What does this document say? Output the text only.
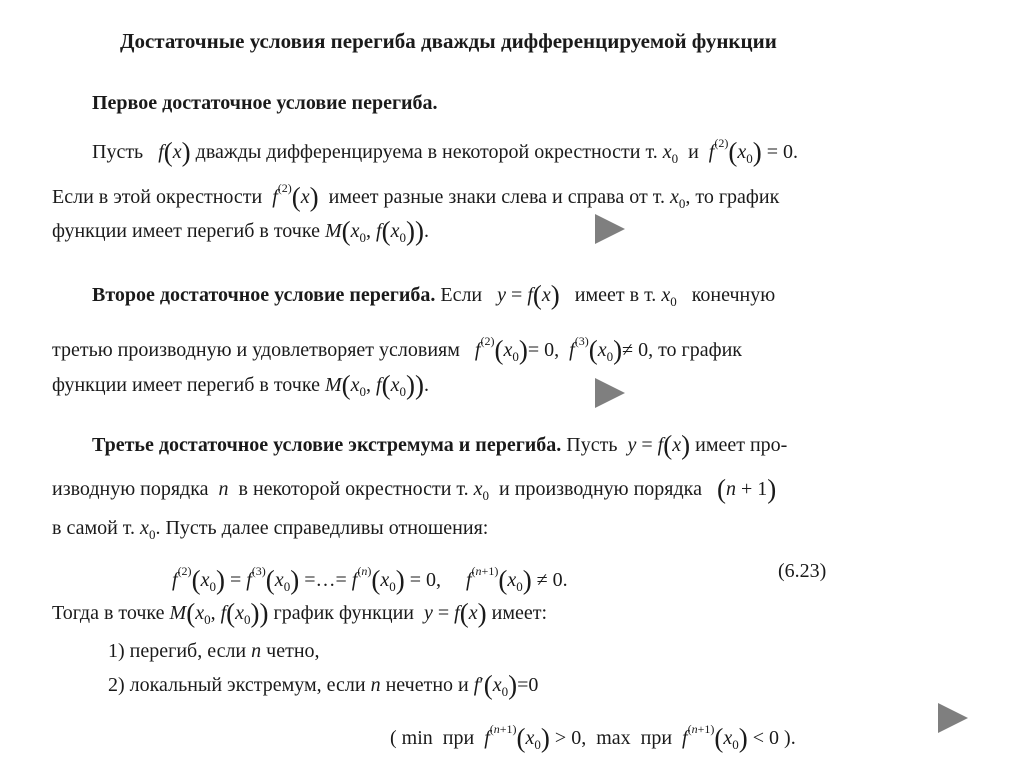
Достаточные условия перегиба дважды дифференцируемой функции
Первое достаточное условие перегиба.
Пусть f(x) дважды дифференцируема в некоторой окрестности т. $x_0$ и $f^{(2)}(x_0) = 0$.
Если в этой окрестности $f^{(2)}(x)$ имеет разные знаки слева и справа от т. $x_0$, то график
функции имеет перегиб в точке $M(x_0$, $f(x_0)$).
Второе достаточное условие перегиба. Если y = f(x) имеет в т. $x_0$ конечную
третью производную и удовлетворяет условиям $f^{(2)}(x_0)= 0$,  $f^{(3)}(x_0)\ne 0$, то график
функции имеет перегиб в точке $M(x_0$, $f(x_0)$).
Третье достаточное условие экстремума и перегиба. Пусть y = f(x) имеет про-
изводную порядка n в некоторой окрестности т. $x_0$ и производную порядка (n + 1)
в самой т. $x_0$. Пусть далее справедливы отношения:
$f^{(2)}(x_0) = f^{(3)}(x_0)$ =…= $f^{(n)}(x_0) = 0$,     $f^{(n+1)}(x_0) \ne 0$.	(6.23)
Тогда в точке $M(x_0$, $f(x_0)$) график функции y = f(x) имеет:
1) перегиб, если n четно,
2) локальный экстремум, если n нечетно и $f'(x_0)=0$
( min при $f^{(n+1)}(x_0) > 0$,  max при $f^{(n+1)}(x_0) < 0$ ).
